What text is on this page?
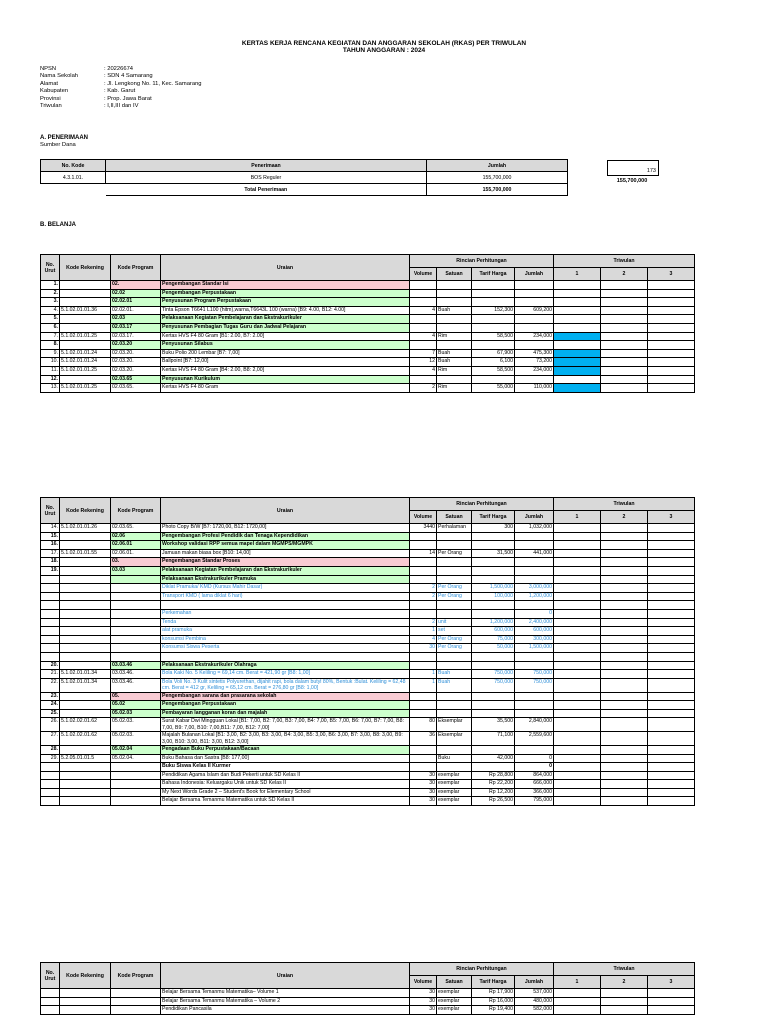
KERTAS KERJA RENCANA KEGIATAN DAN ANGGARAN SEKOLAH (RKAS) PER TRIWULAN
TAHUN ANGGARAN : 2024
NPSN	: 20226674
Nama Sekolah	: SDN 4 Samarang
Alamat	: Jl. Lengkong No. 11, Kec. Samarang
Kabupaten	: Kab. Garut
Provinsi	: Prop. Jawa Barat
Triwulan	: I,II,III dan IV
A. PENERIMAAN
Sumber Dana
No. Kode	Penerimaan	Jumlah
4.3.1.01.	BOS Reguler	155,700,000
	Total Penerimaan	155,700,000
173
155,700,000
B. BELANJA
No. Urut	Kode Rekening	Kode Program	Uraian	Rincian Perhitungan				Triwulan		
				Volume	Satuan	Tarif Harga	Jumlah	1	2	3
1.		02.	Pengembangan Standar Isi							
2.		02.02	Pengembangan Perpustakaan							
3.		02.02.01	Penyusunan Program Perpustakaan							
4.	5.1.02.01.01.36	02.02.01.	Tinta Epson T6641 L100 (hitm),warna,T6643L 100 (warna) [B9: 4.00, B12: 4.00]	4	Buah	152,300	609,200			
5.		02.03	Pelaksanaan Kegiatan Pembelajaran dan Ekstrakurikuler							
6.		02.03.17	Penyusunan Pembagian Tugas Guru dan Jadwal Pelajaran							
7.	5.1.02.01.01.25	02.03.17.	Kertas HVS F4 80 Gram [B1: 2.00, B7: 2.00]	4	Rim	58,500	234,000			
8.		02.03.20	Penyusunan Silabus							
9.	5.1.02.01.01.24	02.03.20.	Buku Polio 200 Lembar [B7: 7,00]	7	Buah	67,900	475,300			
10.	5.1.02.01.01.24	02.03.20.	Ballpoint [B7: 12,00]	12	Buah	6,100	73,200			
11.	5.1.02.01.01.25	02.03.20.	Kertas HVS F4 80 Gram [B4: 2.00, B8: 2,00]	4	Rim	58,500	234,000			
12.		02.03.65	Penyusunan Kurikulum							
13.	5.1.02.01.01.25	02.03.65.	Kertas HVS F4 80 Gram	2	Rim	55,000	110,000			
No. Urut	Kode Rekening	Kode Program	Uraian	Rincian Perhitungan				Triwulan		
				Volume	Satuan	Tarif Harga	Jumlah	1	2	3
14.	5.1.02.01.01.26	02.03.65.	Photo Copy B/W [B7: 1720,00, B12: 1720,00]	3440	Perhalaman	300	1,032,000			
15.		02.06	Pengembangan Profesi Pendidik dan Tenaga Kependidikan							
16.		02.06.01	Workshop validasi RPP semua mapel dalam MGMPS/MGMPK							
17.	5.1.02.01.01.55	02.06.01.	Jamuan makan biasa box [B10: 14,00]	14	Per Orang	31,500	441,000			
18.		03.	Pengembangan Standar Proses							
19.		03.03	Pelaksanaan Kegiatan Pembelajaran dan Ekstrakurikuler							
			Pelaksanaan Ekstrakurikuler Pramuka							
			Diklat Pramuka/ KMD (Kursus Mahir Dasar)	2	Per Orang	1,500,000	3,000,000			
			Transport KMD ( lama diklat 6 hari)	2	Per Orang	100,000	1,200,000			

			Perkemahan				0			
			Tenda	2	unit	1,200,000	2,400,000			
			alat pramuka	1	set	600,000	600,000			
			konsumsi Pembina	4	Per Orang	75,000	300,000			
			Konsumsi Siswa Peserta	30	Per Orang	50,000	1,500,000			

20.		03.03.46	Pelaksanaan Ekstrakurikuler Olahraga							
21.	5.1.02.01.01.34	03.03.46.	Bola Kaki No. 5 Keliling = 69,14 cm. Berat = 421,90 gr [B8: 1,00]	1	Buah	750,000	750,000			
22.	5.1.02.01.01.34	03.03.46.	Bola Voli No. 3 Kulit sintetis Polyurethan, dijahit rapi, bola dalam butyl 80%, Bentuk :Bulat. Keliling = 62,48 cm. Berat = 412 gr, Keliling = 65,12 cm. Berat = 276,80 gr [B8: 1,00]	1	Buah	750,000	750,000			
23.		05.	Pengembangan sarana dan prasarana sekolah							
24.		05.02	Pengembangan Perpustakaan							
25.		05.02.03	Pembayaran langganan koran dan majalah							
26.	5.1.02.02.01.62	05.02.03.	Surat Kabar Dwi Mingguan Lokal [B1: 7,00, B2: 7,00, B3: 7,00, B4: 7,00, B5: 7,00, B6: 7,00, B7: 7,00, B8: 7,00, B9: 7,00, B10: 7,00,B11: 7,00, B12: 7,00]	80	Eksemplar	35,500	2,840,000			
27.	5.1.02.02.01.62	05.02.03.	Majalah Bulanan Lokal [B1: 3,00, B2: 3,00, B3: 3,00, B4: 3,00, B5: 3,00, B6: 3,00, B7: 3,00, B8: 3,00, B9: 3,00, B10: 3,00, B11: 3,00, B12: 3,00]	36	Eksemplar	71,100	2,559,600			
28.		05.02.04	Pengadaan Buku Perpustakaan/Bacaan							
29.	5.2.05.01.01.5	05.02.04.	Buku Bahasa dan Sastra [B8: 177,00]		Buku	42,000	0			
			Buku Siswa Kelas II Kurmer				0			
			Pendidikan Agama Islam dan Budi Pekerti untuk SD Kelas II	30	exemplar	Rp 28,800	864,000			
			Bahasa Indonesia: Keluargaku Unik untuk SD Kelas II	30	exemplar	Rp 22,200	666,000			
			My Next Words Grade 2 – Student's Book for Elementary School	30	exemplar	Rp 12,200	366,000			
			Belajar Bersama Temanmu Matematika untuk SD Kelas II	30	exemplar	Rp 26,500	795,000			
No. Urut	Kode Rekening	Kode Program	Uraian	Rincian Perhitungan				Triwulan		
				Volume	Satuan	Tarif Harga	Jumlah	1	2	3
			Belajar Bersama Temanmu Matematika– Volume 1	30	exemplar	Rp 17,900	537,000			
			Belajar Bersama Temanmu Matematika – Volume 2	30	exemplar	Rp 16,000	480,000			
			Pendidikan Pancasila	30	exemplar	Rp 19,400	582,000			
